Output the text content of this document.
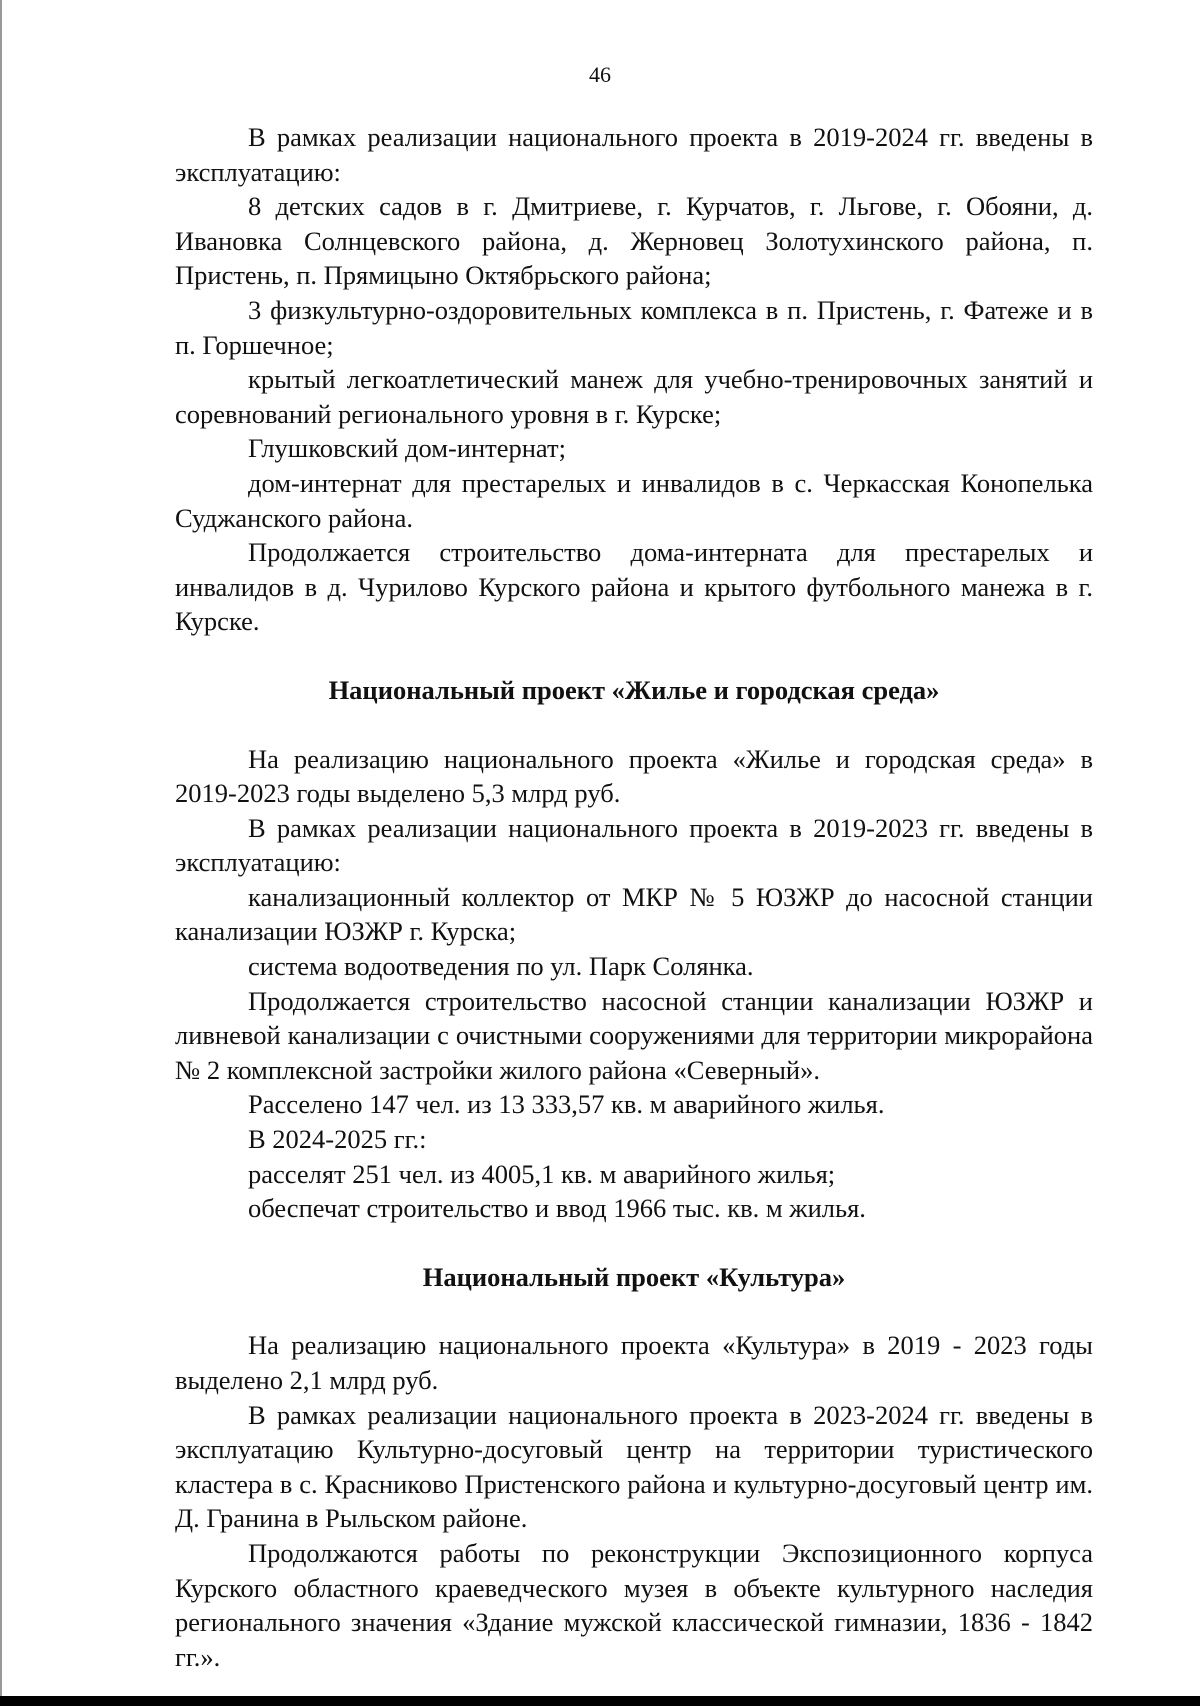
46

В рамках реализации национального проекта в 2019-2024 гг. введены в эксплуатацию:

8 детских садов в г. Дмитриеве, г. Курчатов, г. Льгове, г. Обояни, д. Ивановка Солнцевского района, д. Жерновец Золотухинского района, п. Пристень, п. Прямицыно Октябрьского района;

3 физкультурно-оздоровительных комплекса в п. Пристень, г. Фатеже и в п. Горшечное;

крытый легкоатлетический манеж для учебно-тренировочных занятий и соревнований регионального уровня в г. Курске;

Глушковский дом-интернат;

дом-интернат для престарелых и инвалидов в с. Черкасская Конопелька Суджанского района.

Продолжается строительство дома-интерната для престарелых и инвалидов в д. Чурилово Курского района и крытого футбольного манежа в г. Курске.

Национальный проект «Жилье и городская среда»

На реализацию национального проекта «Жилье и городская среда» в 2019-2023 годы выделено 5,3 млрд руб.

В рамках реализации национального проекта в 2019-2023 гг. введены в эксплуатацию:

канализационный коллектор от МКР № 5 ЮЗЖР до насосной станции канализации ЮЗЖР г. Курска;

система водоотведения по ул. Парк Солянка.

Продолжается строительство насосной станции канализации ЮЗЖР и ливневой канализации с очистными сооружениями для территории микрорайона № 2 комплексной застройки жилого района «Северный».

Расселено 147 чел. из 13 333,57 кв. м аварийного жилья.

В 2024-2025 гг.:

расселят 251 чел. из 4005,1 кв. м аварийного жилья;

обеспечат строительство и ввод 1966 тыс. кв. м жилья.

Национальный проект «Культура»

На реализацию национального проекта «Культура» в 2019 - 2023 годы выделено 2,1 млрд руб.

В рамках реализации национального проекта в 2023-2024 гг. введены в эксплуатацию Культурно-досуговый центр на территории туристического кластера в с. Красниково Пристенского района и культурно-досуговый центр им. Д. Гранина в Рыльском районе.

Продолжаются работы по реконструкции Экспозиционного корпуса Курского областного краеведческого музея в объекте культурного наследия регионального значения «Здание мужской классической гимназии, 1836 - 1842 гг.».
